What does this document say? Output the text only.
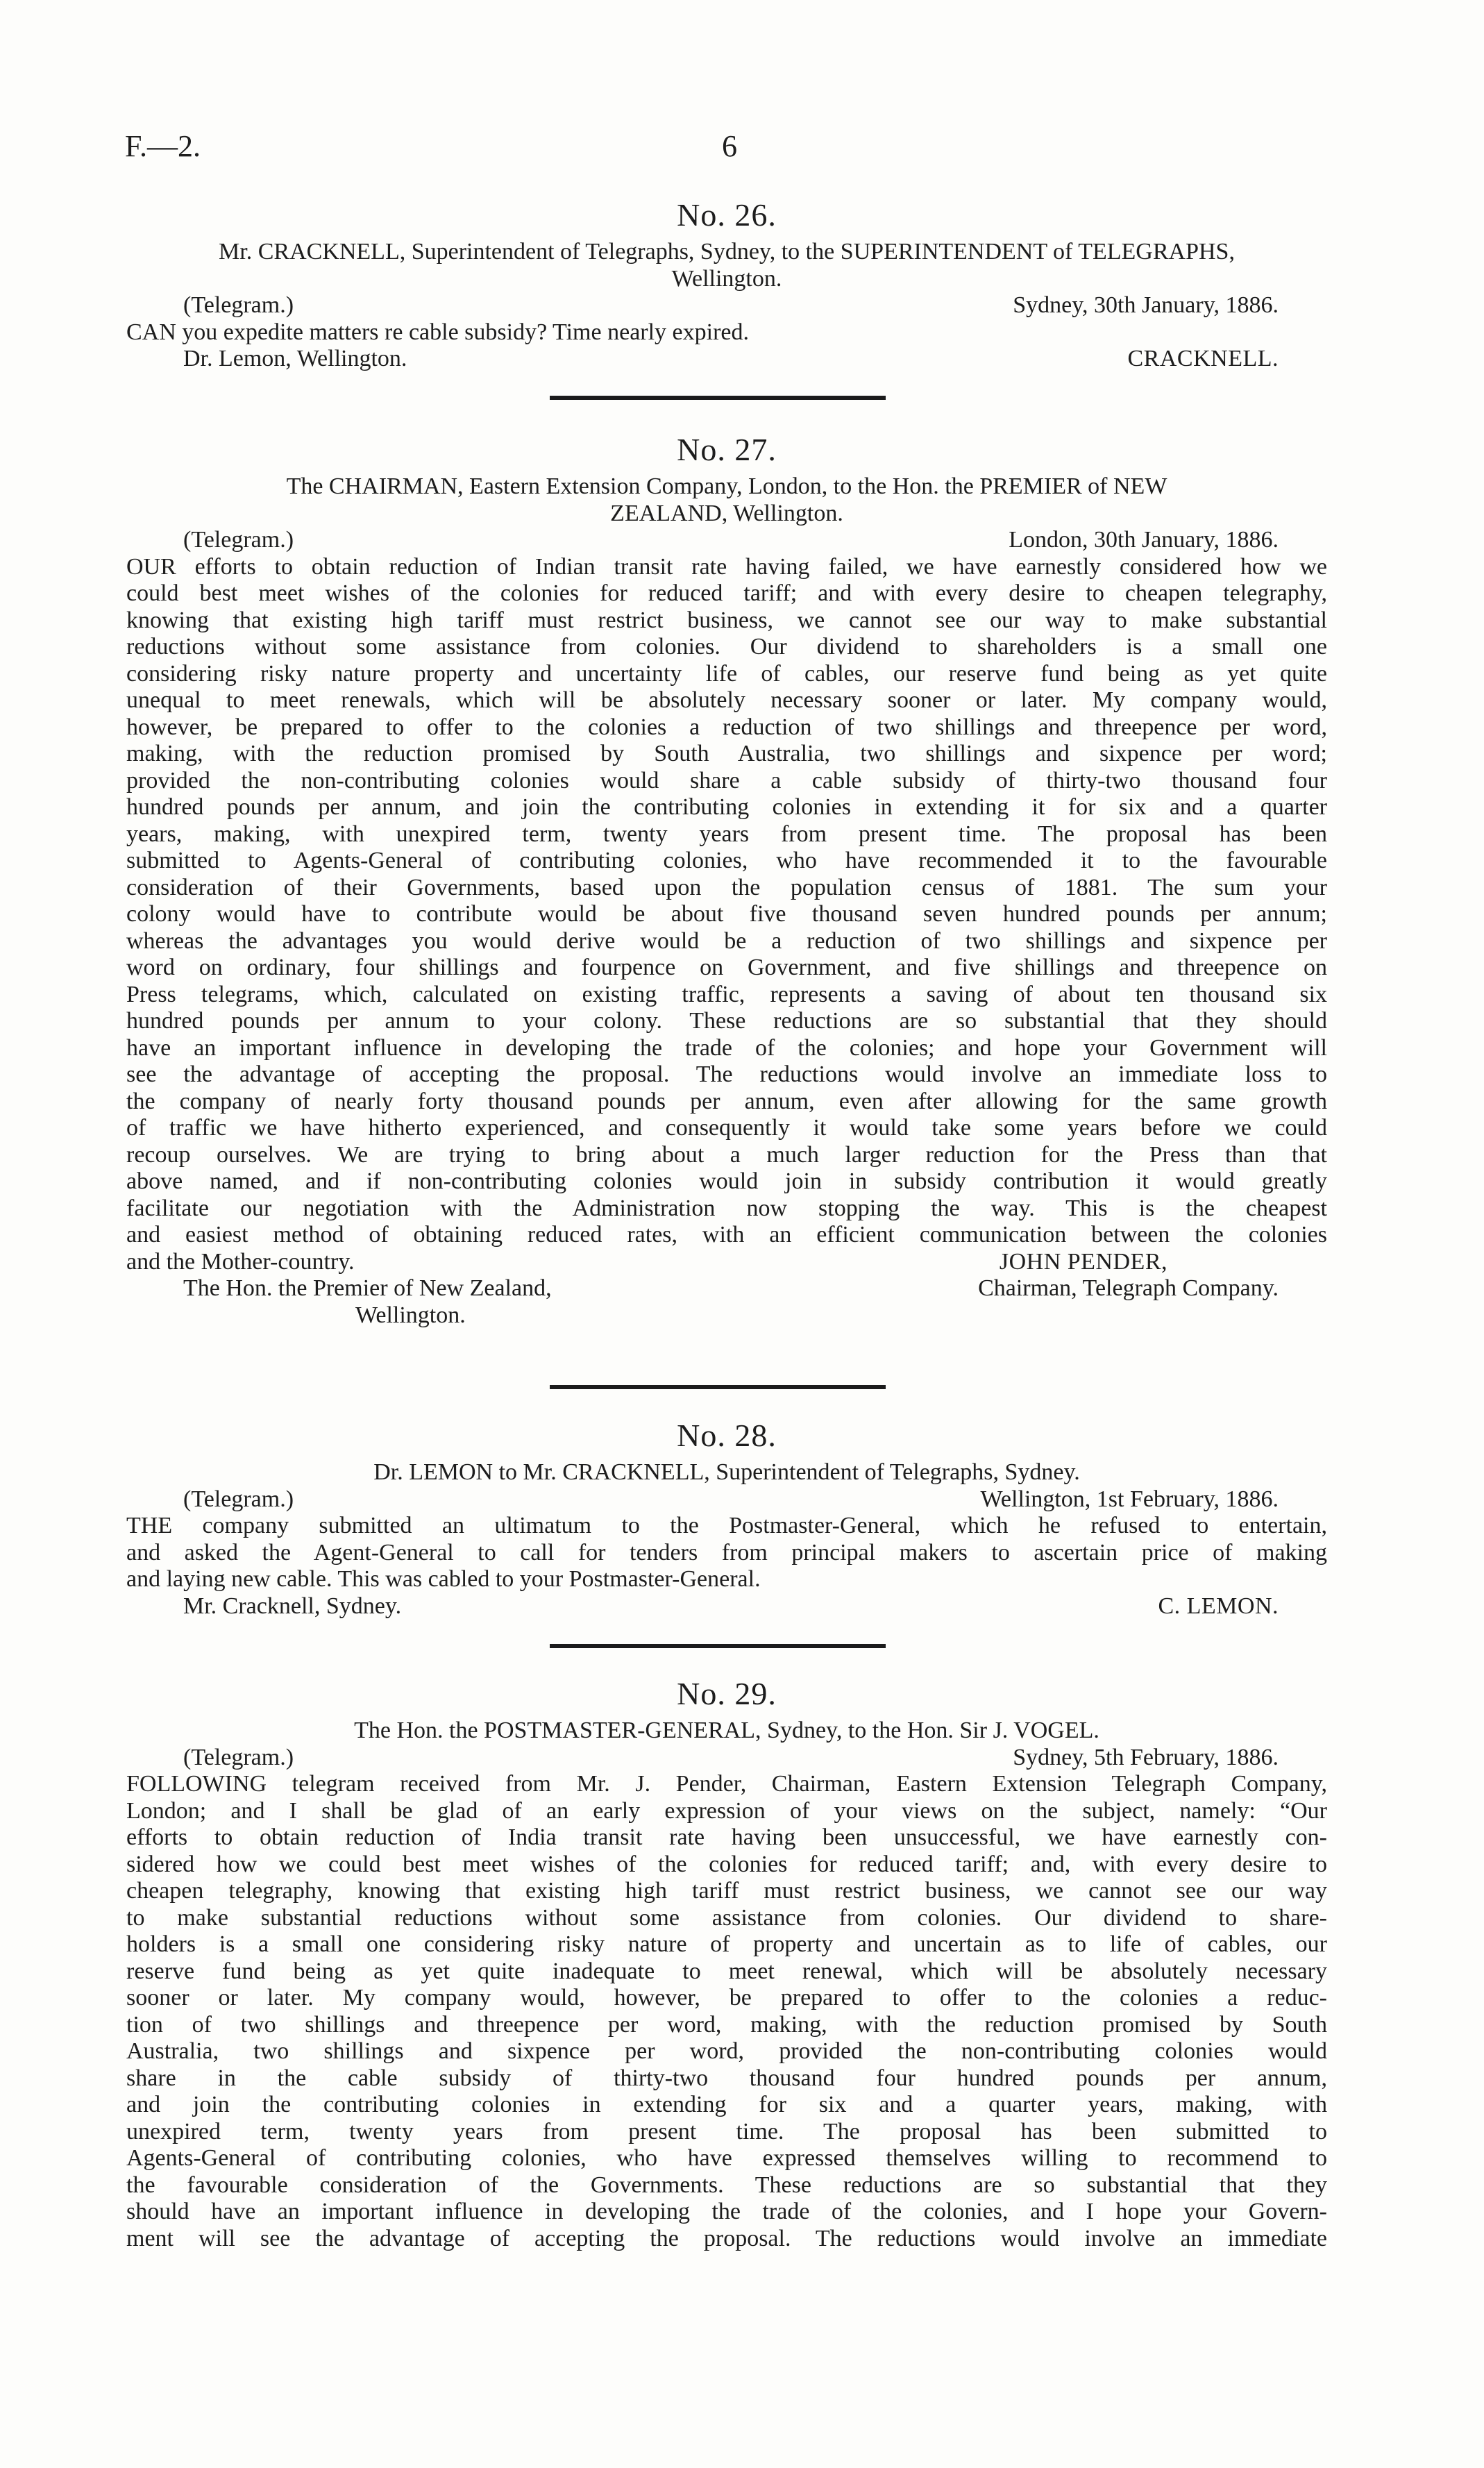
F.—2.	6
No. 26.
Mr. CRACKNELL, Superintendent of Telegraphs, Sydney, to the SUPERINTENDENT of TELEGRAPHS,
Wellington.
(Telegram.)	Sydney, 30th January, 1886.
CAN you expedite matters re cable subsidy? Time nearly expired.
Dr. Lemon, Wellington.	CRACKNELL.
No. 27.
The CHAIRMAN, Eastern Extension Company, London, to the Hon. the PREMIER of NEW
ZEALAND, Wellington.
(Telegram.)	London, 30th January, 1886.
OUR efforts to obtain reduction of Indian transit rate having failed, we have earnestly considered how we
could best meet wishes of the colonies for reduced tariff; and with every desire to cheapen telegraphy,
knowing that existing high tariff must restrict business, we cannot see our way to make substantial
reductions without some assistance from colonies. Our dividend to shareholders is a small one
considering risky nature property and uncertainty life of cables, our reserve fund being as yet quite
unequal to meet renewals, which will be absolutely necessary sooner or later. My company would,
however, be prepared to offer to the colonies a reduction of two shillings and threepence per word,
making, with the reduction promised by South Australia, two shillings and sixpence per word;
provided the non-contributing colonies would share a cable subsidy of thirty-two thousand four
hundred pounds per annum, and join the contributing colonies in extending it for six and a quarter
years, making, with unexpired term, twenty years from present time. The proposal has been
submitted to Agents-General of contributing colonies, who have recommended it to the favourable
consideration of their Governments, based upon the population census of 1881. The sum your
colony would have to contribute would be about five thousand seven hundred pounds per annum;
whereas the advantages you would derive would be a reduction of two shillings and sixpence per
word on ordinary, four shillings and fourpence on Government, and five shillings and threepence on
Press telegrams, which, calculated on existing traffic, represents a saving of about ten thousand six
hundred pounds per annum to your colony. These reductions are so substantial that they should
have an important influence in developing the trade of the colonies; and hope your Government will
see the advantage of accepting the proposal. The reductions would involve an immediate loss to
the company of nearly forty thousand pounds per annum, even after allowing for the same growth
of traffic we have hitherto experienced, and consequently it would take some years before we could
recoup ourselves. We are trying to bring about a much larger reduction for the Press than that
above named, and if non-contributing colonies would join in subsidy contribution it would greatly
facilitate our negotiation with the Administration now stopping the way. This is the cheapest
and easiest method of obtaining reduced rates, with an efficient communication between the colonies
and the Mother-country.	JOHN PENDER,
The Hon. the Premier of New Zealand,	Chairman, Telegraph Company.
Wellington.
No. 28.
Dr. LEMON to Mr. CRACKNELL, Superintendent of Telegraphs, Sydney.
(Telegram.)	Wellington, 1st February, 1886.
THE company submitted an ultimatum to the Postmaster-General, which he refused to entertain,
and asked the Agent-General to call for tenders from principal makers to ascertain price of making
and laying new cable. This was cabled to your Postmaster-General.
Mr. Cracknell, Sydney.	C. LEMON.
No. 29.
The Hon. the POSTMASTER-GENERAL, Sydney, to the Hon. Sir J. VOGEL.
(Telegram.)	Sydney, 5th February, 1886.
FOLLOWING telegram received from Mr. J. Pender, Chairman, Eastern Extension Telegraph Company,
London; and I shall be glad of an early expression of your views on the subject, namely: “Our
efforts to obtain reduction of India transit rate having been unsuccessful, we have earnestly con-
sidered how we could best meet wishes of the colonies for reduced tariff; and, with every desire to
cheapen telegraphy, knowing that existing high tariff must restrict business, we cannot see our way
to make substantial reductions without some assistance from colonies. Our dividend to share-
holders is a small one considering risky nature of property and uncertain as to life of cables, our
reserve fund being as yet quite inadequate to meet renewal, which will be absolutely necessary
sooner or later. My company would, however, be prepared to offer to the colonies a reduc-
tion of two shillings and threepence per word, making, with the reduction promised by South
Australia, two shillings and sixpence per word, provided the non-contributing colonies would
share in the cable subsidy of thirty-two thousand four hundred pounds per annum,
and join the contributing colonies in extending for six and a quarter years, making, with
unexpired term, twenty years from present time. The proposal has been submitted to
Agents-General of contributing colonies, who have expressed themselves willing to recommend to
the favourable consideration of the Governments. These reductions are so substantial that they
should have an important influence in developing the trade of the colonies, and I hope your Govern-
ment will see the advantage of accepting the proposal. The reductions would involve an immediate
